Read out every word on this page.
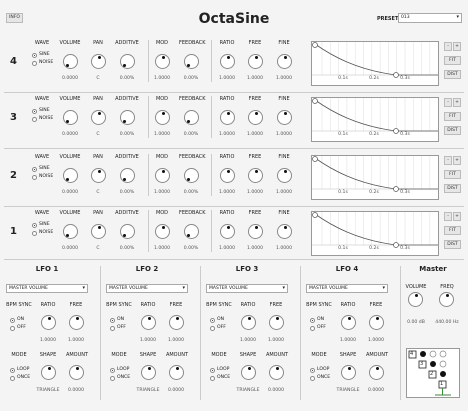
INFO	OctaSine	PRESET 013	▾
Master
VOLUME	FREQ
0.00 dB	440.00 Hz
4
3
2
1
4
WAVE
SINE
NOISE
VOLUME
0.0000
PAN
C
ADDITIVE
0.00%
MOD
1.0000
FEEDBACK
0.00%
RATIO
1.0000
FREE
1.0000
FINE
1.0000	0.1s	0.2s	0.3s
-	+
FIT
DIST
3
WAVE
SINE
NOISE
VOLUME
0.0000
PAN
C
ADDITIVE
0.00%
MOD
1.0000
FEEDBACK
0.00%
RATIO
1.0000
FREE
1.0000
FINE
1.0000	0.1s	0.2s	0.3s
-	+
FIT
DIST
2
WAVE
SINE
NOISE
VOLUME
0.0000
PAN
C
ADDITIVE
0.00%
MOD
1.0000
FEEDBACK
0.00%
RATIO
1.0000
FREE
1.0000
FINE
1.0000	0.1s	0.2s	0.3s
-	+
FIT
DIST
1
WAVE
SINE
NOISE
VOLUME
0.0000
PAN
C
ADDITIVE
0.00%
MOD
1.0000
FEEDBACK
0.00%
RATIO
1.0000
FREE
1.0000
FINE
1.0000	0.1s	0.2s	0.3s
-	+
FIT
DIST
LFO 1
MASTER VOLUME	▾
BPM SYNC	RATIO	FREE
ON
OFF
1.0000	1.0000
MODE	SHAPE	AMOUNT
LOOP
ONCE
TRIANGLE	0.0000
LFO 2
MASTER VOLUME	▾
BPM SYNC	RATIO	FREE
ON
OFF
1.0000	1.0000
MODE	SHAPE	AMOUNT
LOOP
ONCE
TRIANGLE	0.0000
LFO 3
MASTER VOLUME	▾
BPM SYNC	RATIO	FREE
ON
OFF
1.0000	1.0000
MODE	SHAPE	AMOUNT
LOOP
ONCE
TRIANGLE	0.0000
LFO 4
MASTER VOLUME	▾
BPM SYNC	RATIO	FREE
ON
OFF
1.0000	1.0000
MODE	SHAPE	AMOUNT
LOOP
ONCE
TRIANGLE	0.0000
